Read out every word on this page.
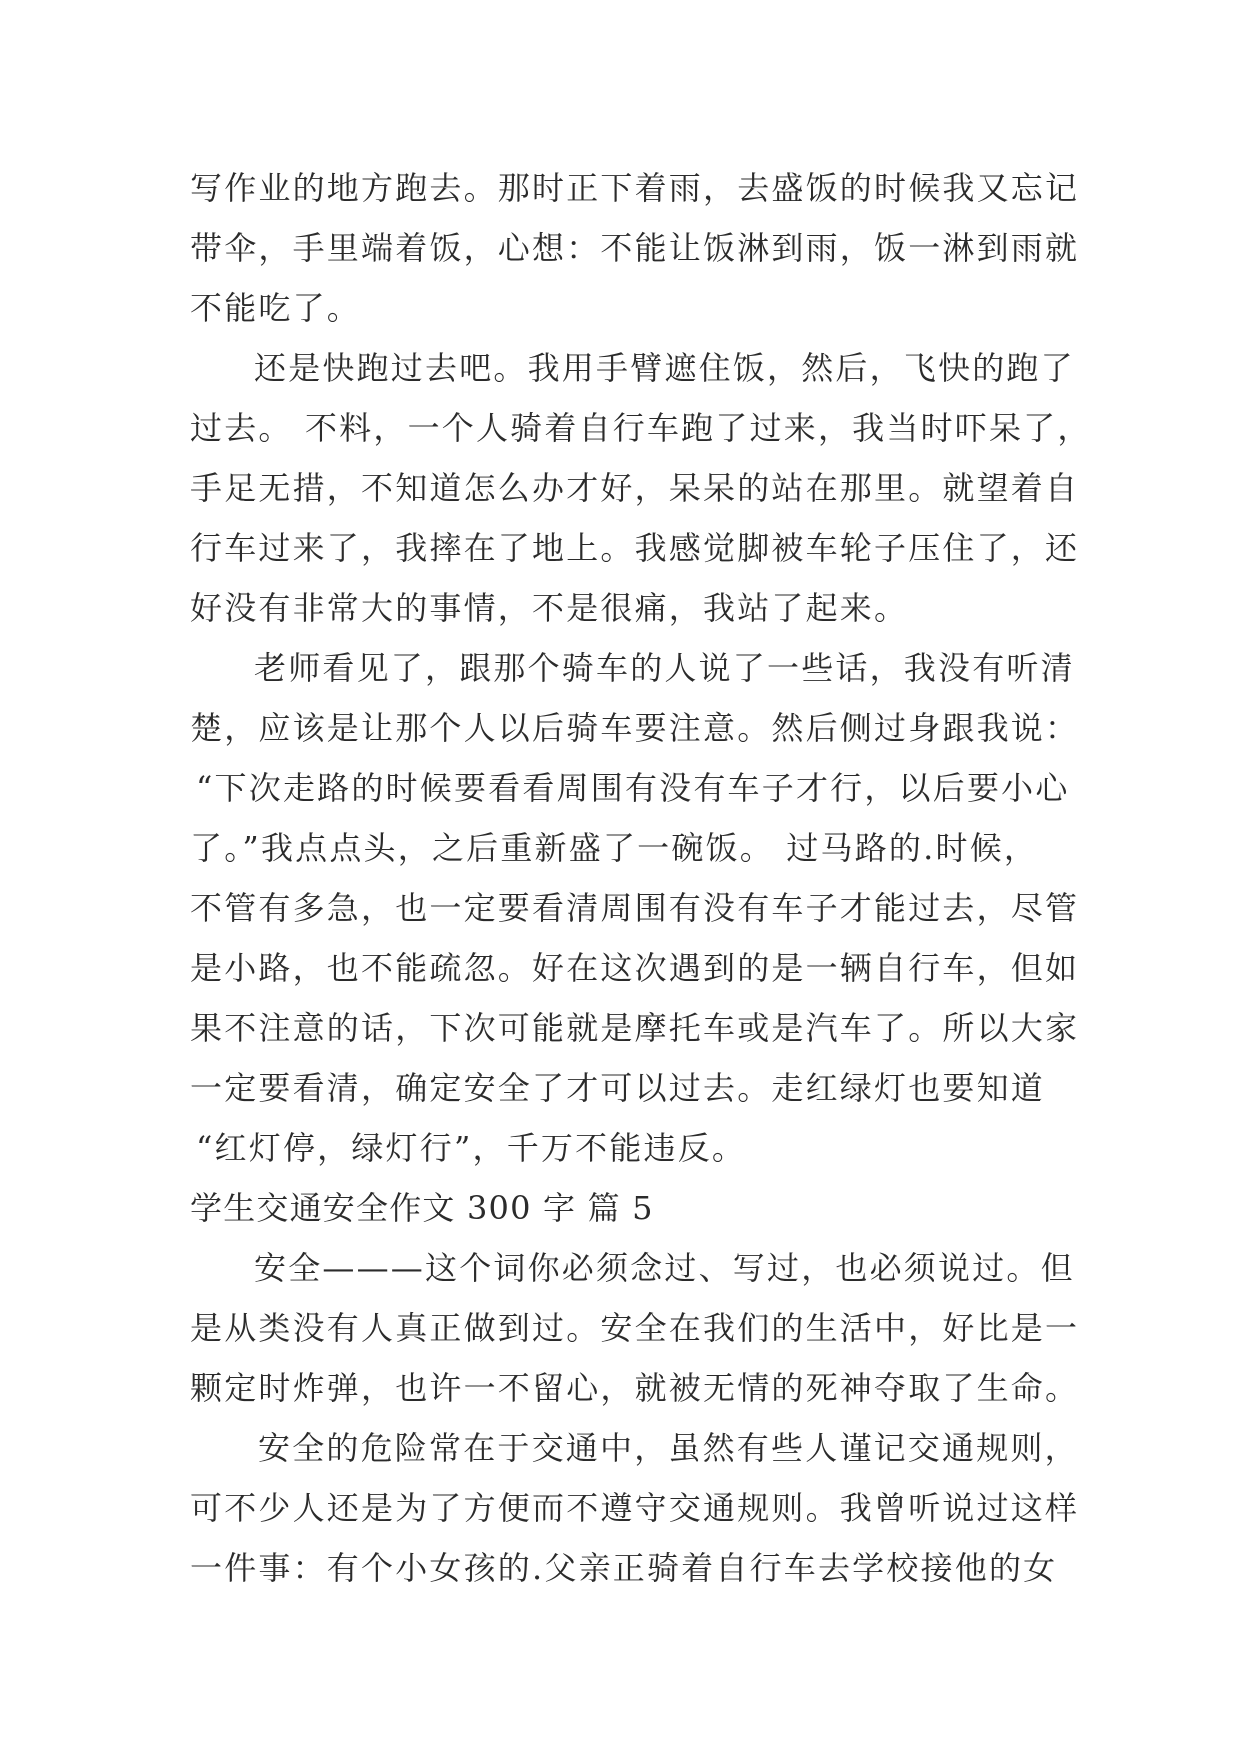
写作业的地方跑去。那时正下着雨，去盛饭的时候我又忘记
带伞，手里端着饭，心想：不能让饭淋到雨，饭一淋到雨就
不能吃了。
还是快跑过去吧。我用手臂遮住饭，然后，飞快的跑了
过去。 不料，一个人骑着自行车跑了过来，我当时吓呆了，
手足无措，不知道怎么办才好，呆呆的站在那里。就望着自
行车过来了，我摔在了地上。我感觉脚被车轮子压住了，还
好没有非常大的事情，不是很痛，我站了起来。
老师看见了，跟那个骑车的人说了一些话，我没有听清
楚，应该是让那个人以后骑车要注意。然后侧过身跟我说：
“下次走路的时候要看看周围有没有车子才行，以后要小心
了。”我点点头，之后重新盛了一碗饭。 过马路的.时候，
不管有多急，也一定要看清周围有没有车子才能过去，尽管
是小路，也不能疏忽。好在这次遇到的是一辆自行车，但如
果不注意的话，下次可能就是摩托车或是汽车了。所以大家
一定要看清，确定安全了才可以过去。走红绿灯也要知道
“红灯停，绿灯行”，千万不能违反。
学生交通安全作文 300 字 篇 5
安全———这个词你必须念过、写过，也必须说过。但
是从类没有人真正做到过。安全在我们的生活中，好比是一
颗定时炸弹，也许一不留心，就被无情的死神夺取了生命。
安全的危险常在于交通中，虽然有些人谨记交通规则，
可不少人还是为了方便而不遵守交通规则。我曾听说过这样
一件事：有个小女孩的.父亲正骑着自行车去学校接他的女
